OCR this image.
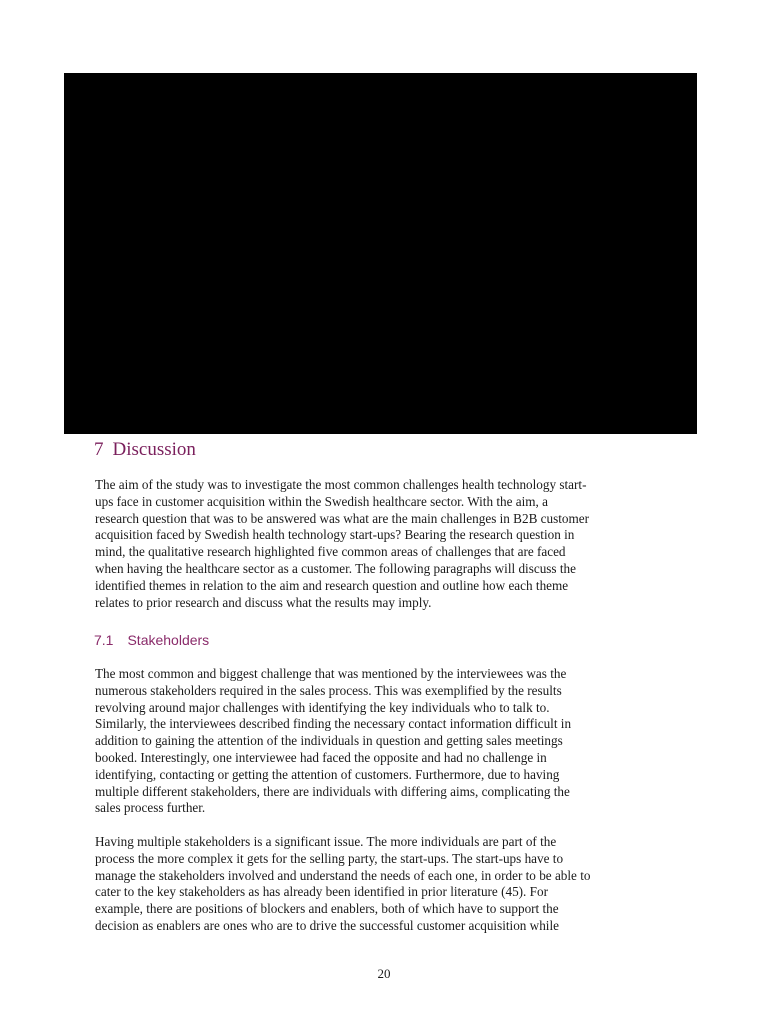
7 Discussion
The aim of the study was to investigate the most common challenges health technology start-
ups face in customer acquisition within the Swedish healthcare sector. With the aim, a
research question that was to be answered was what are the main challenges in B2B customer
acquisition faced by Swedish health technology start-ups? Bearing the research question in
mind, the qualitative research highlighted five common areas of challenges that are faced
when having the healthcare sector as a customer. The following paragraphs will discuss the
identified themes in relation to the aim and research question and outline how each theme
relates to prior research and discuss what the results may imply.
7.1 Stakeholders
The most common and biggest challenge that was mentioned by the interviewees was the
numerous stakeholders required in the sales process. This was exemplified by the results
revolving around major challenges with identifying the key individuals who to talk to.
Similarly, the interviewees described finding the necessary contact information difficult in
addition to gaining the attention of the individuals in question and getting sales meetings
booked. Interestingly, one interviewee had faced the opposite and had no challenge in
identifying, contacting or getting the attention of customers. Furthermore, due to having
multiple different stakeholders, there are individuals with differing aims, complicating the
sales process further.
Having multiple stakeholders is a significant issue. The more individuals are part of the
process the more complex it gets for the selling party, the start-ups. The start-ups have to
manage the stakeholders involved and understand the needs of each one, in order to be able to
cater to the key stakeholders as has already been identified in prior literature (45). For
example, there are positions of blockers and enablers, both of which have to support the
decision as enablers are ones who are to drive the successful customer acquisition while
20
